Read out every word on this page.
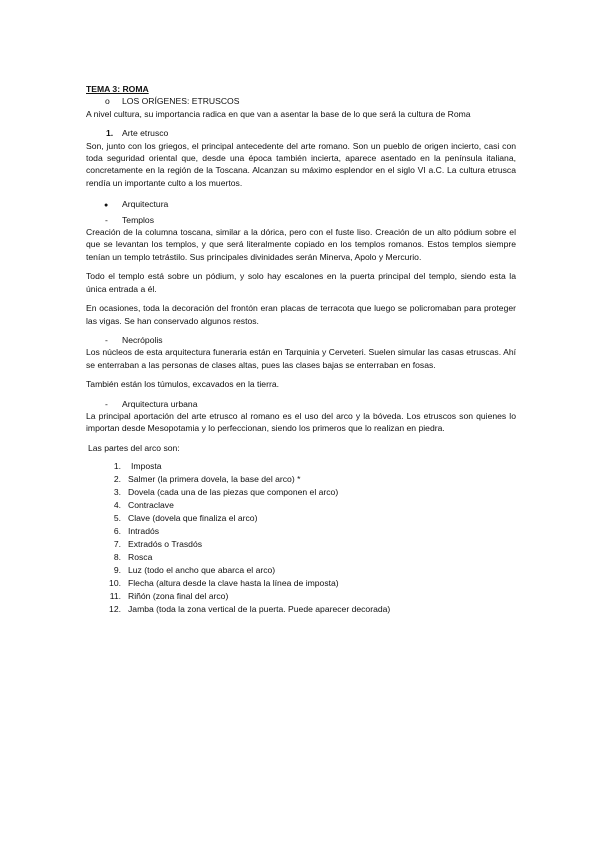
TEMA 3: ROMA
o	LOS ORÍGENES: ETRUSCOS

A nivel cultura, su importancia radica en que van a asentar la base de lo que será la cultura de Roma

1.	Arte etrusco

Son, junto con los griegos, el principal antecedente del arte romano. Son un pueblo de origen incierto, casi con toda seguridad oriental que, desde una época también incierta, aparece asentado en la península italiana, concretamente en la región de la Toscana. Alcanzan su máximo esplendor en el siglo VI a.C. La cultura etrusca rendía un importante culto a los muertos.

●	Arquitectura
-	Templos

Creación de la columna toscana, similar a la dórica, pero con el fuste liso. Creación de un alto pódium sobre el que se levantan los templos, y que será literalmente copiado en los templos romanos. Estos templos siempre tenían un templo tetrástilo. Sus principales divinidades serán Minerva, Apolo y Mercurio.

Todo el templo está sobre un pódium, y solo hay escalones en la puerta principal del templo, siendo esta la única entrada a él.

En ocasiones, toda la decoración del frontón eran placas de terracota que luego se policromaban para proteger las vigas. Se han conservado algunos restos.

-	Necrópolis

Los núcleos de esta arquitectura funeraria están en Tarquinia y Cerveteri. Suelen simular las casas etruscas. Ahí se enterraban a las personas de clases altas, pues las clases bajas se enterraban en fosas.

También están los túmulos, excavados en la tierra.

-	Arquitectura urbana

La principal aportación del arte etrusco al romano es el uso del arco y la bóveda. Los etruscos son quienes lo importan desde Mesopotamia y lo perfeccionan, siendo los primeros que lo realizan en piedra.

Las partes del arco son:

1.	Imposta
2. Salmer (la primera dovela, la base del arco) *
3. Dovela (cada una de las piezas que componen el arco)
4. Contraclave
5. Clave (dovela que finaliza el arco)
6. Intradós
7. Extradós o Trasdós
8. Rosca
9. Luz (todo el ancho que abarca el arco)
10. Flecha (altura desde la clave hasta la línea de imposta)
11. Riñón (zona final del arco)
12. Jamba (toda la zona vertical de la puerta. Puede aparecer decorada)
